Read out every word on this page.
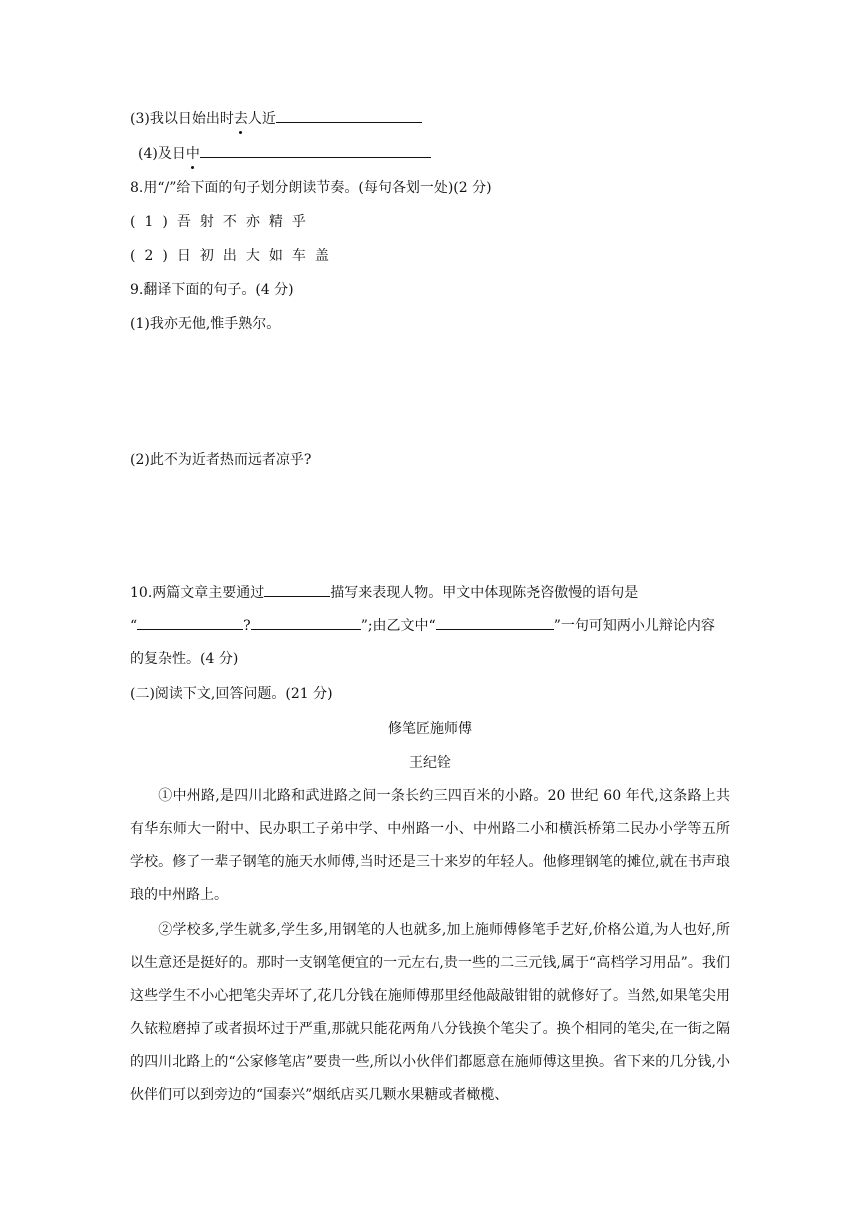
(3)我以日始出时去人近
(4)及日中
8.用“/”给下面的句子划分朗读节奏。(每句各划一处)(2 分)
(1)吾射不亦精乎
(2)日初出大如车盖
9.翻译下面的句子。(4 分)
(1)我亦无他,惟手熟尔。
(2)此不为近者热而远者凉乎?
10.两篇文章主要通过	描写来表现人物。甲文中体现陈尧咨傲慢的语句是
“	?	”;由乙文中“	”一句可知两小儿辩论内容
的复杂性。(4 分)
(二)阅读下文,回答问题。(21 分)
修笔匠施师傅
王纪铨
①中州路,是四川北路和武进路之间一条长约三四百米的小路。20 世纪 60 年代,这条路上共有华东师大一附中、民办职工子弟中学、中州路一小、中州路二小和横浜桥第二民办小学等五所学校。修了一辈子钢笔的施天水师傅,当时还是三十来岁的年轻人。他修理钢笔的摊位,就在书声琅琅的中州路上。
②学校多,学生就多,学生多,用钢笔的人也就多,加上施师傅修笔手艺好,价格公道,为人也好,所以生意还是挺好的。那时一支钢笔便宜的一元左右,贵一些的二三元钱,属于“高档学习用品”。我们这些学生不小心把笔尖弄坏了,花几分钱在施师傅那里经他敲敲钳钳的就修好了。当然,如果笔尖用久铱粒磨掉了或者损坏过于严重,那就只能花两角八分钱换个笔尖了。换个相同的笔尖,在一街之隔的四川北路上的“公家修笔店”要贵一些,所以小伙伴们都愿意在施师傅这里换。省下来的几分钱,小伙伴们可以到旁边的“国泰兴”烟纸店买几颗水果糖或者橄榄、
